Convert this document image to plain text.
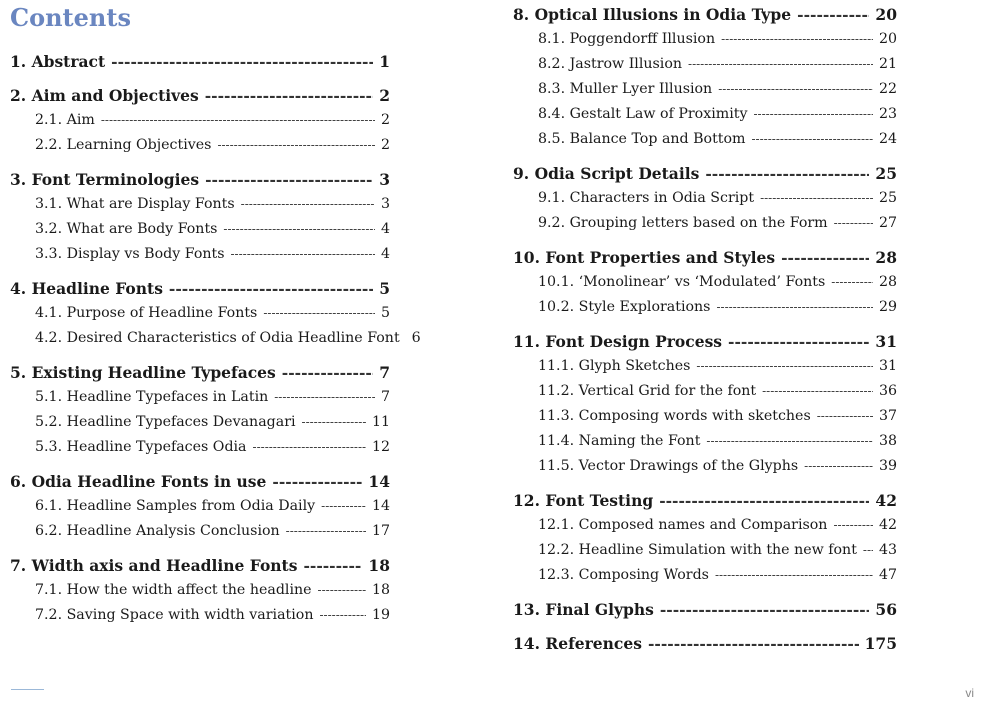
Contents
1. Abstract -----	1
2. Aim and Objectives -----	2
2.1. Aim -----	2
2.2. Learning Objectives -----	2
3. Font Terminologies -----	3
3.1. What are Display Fonts -----	3
3.2. What are Body Fonts -----	4
3.3. Display vs Body Fonts -----	4
4. Headline Fonts -----	5
4.1. Purpose of Headline Fonts -----	5
4.2. Desired Characteristics of Odia Headline Font 6
5. Existing Headline Typefaces -----	7
5.1. Headline Typefaces in Latin -----	7
5.2. Headline Typefaces Devanagari -----	11
5.3. Headline Typefaces Odia -----	12
6. Odia Headline Fonts in use -----	14
6.1. Headline Samples from Odia Daily -----	14
6.2. Headline Analysis Conclusion -----	17
7. Width axis and Headline Fonts -----	18
7.1. How the width affect the headline -----	18
7.2. Saving Space with width variation -----	19
8. Optical Illusions in Odia Type -----	20
8.1. Poggendorff Illusion -----	20
8.2. Jastrow Illusion -----	21
8.3. Muller Lyer Illusion -----	22
8.4. Gestalt Law of Proximity -----	23
8.5. Balance Top and Bottom -----	24
9. Odia Script Details -----	25
9.1. Characters in Odia Script -----	25
9.2. Grouping letters based on the Form -----	27
10. Font Properties and Styles -----	28
10.1. ‘Monolinear’ vs ‘Modulated’ Fonts -----	28
10.2. Style Explorations -----	29
11. Font Design Process -----	31
11.1. Glyph Sketches -----	31
11.2. Vertical Grid for the font -----	36
11.3. Composing words with sketches -----	37
11.4. Naming the Font -----	38
11.5. Vector Drawings of the Glyphs -----	39
12. Font Testing -----	42
12.1. Composed names and Comparison -----	42
12.2. Headline Simulation with the new font ----- 43
12.3. Composing Words -----	47
13. Final Glyphs -----	56
14. References -----	175
vi
